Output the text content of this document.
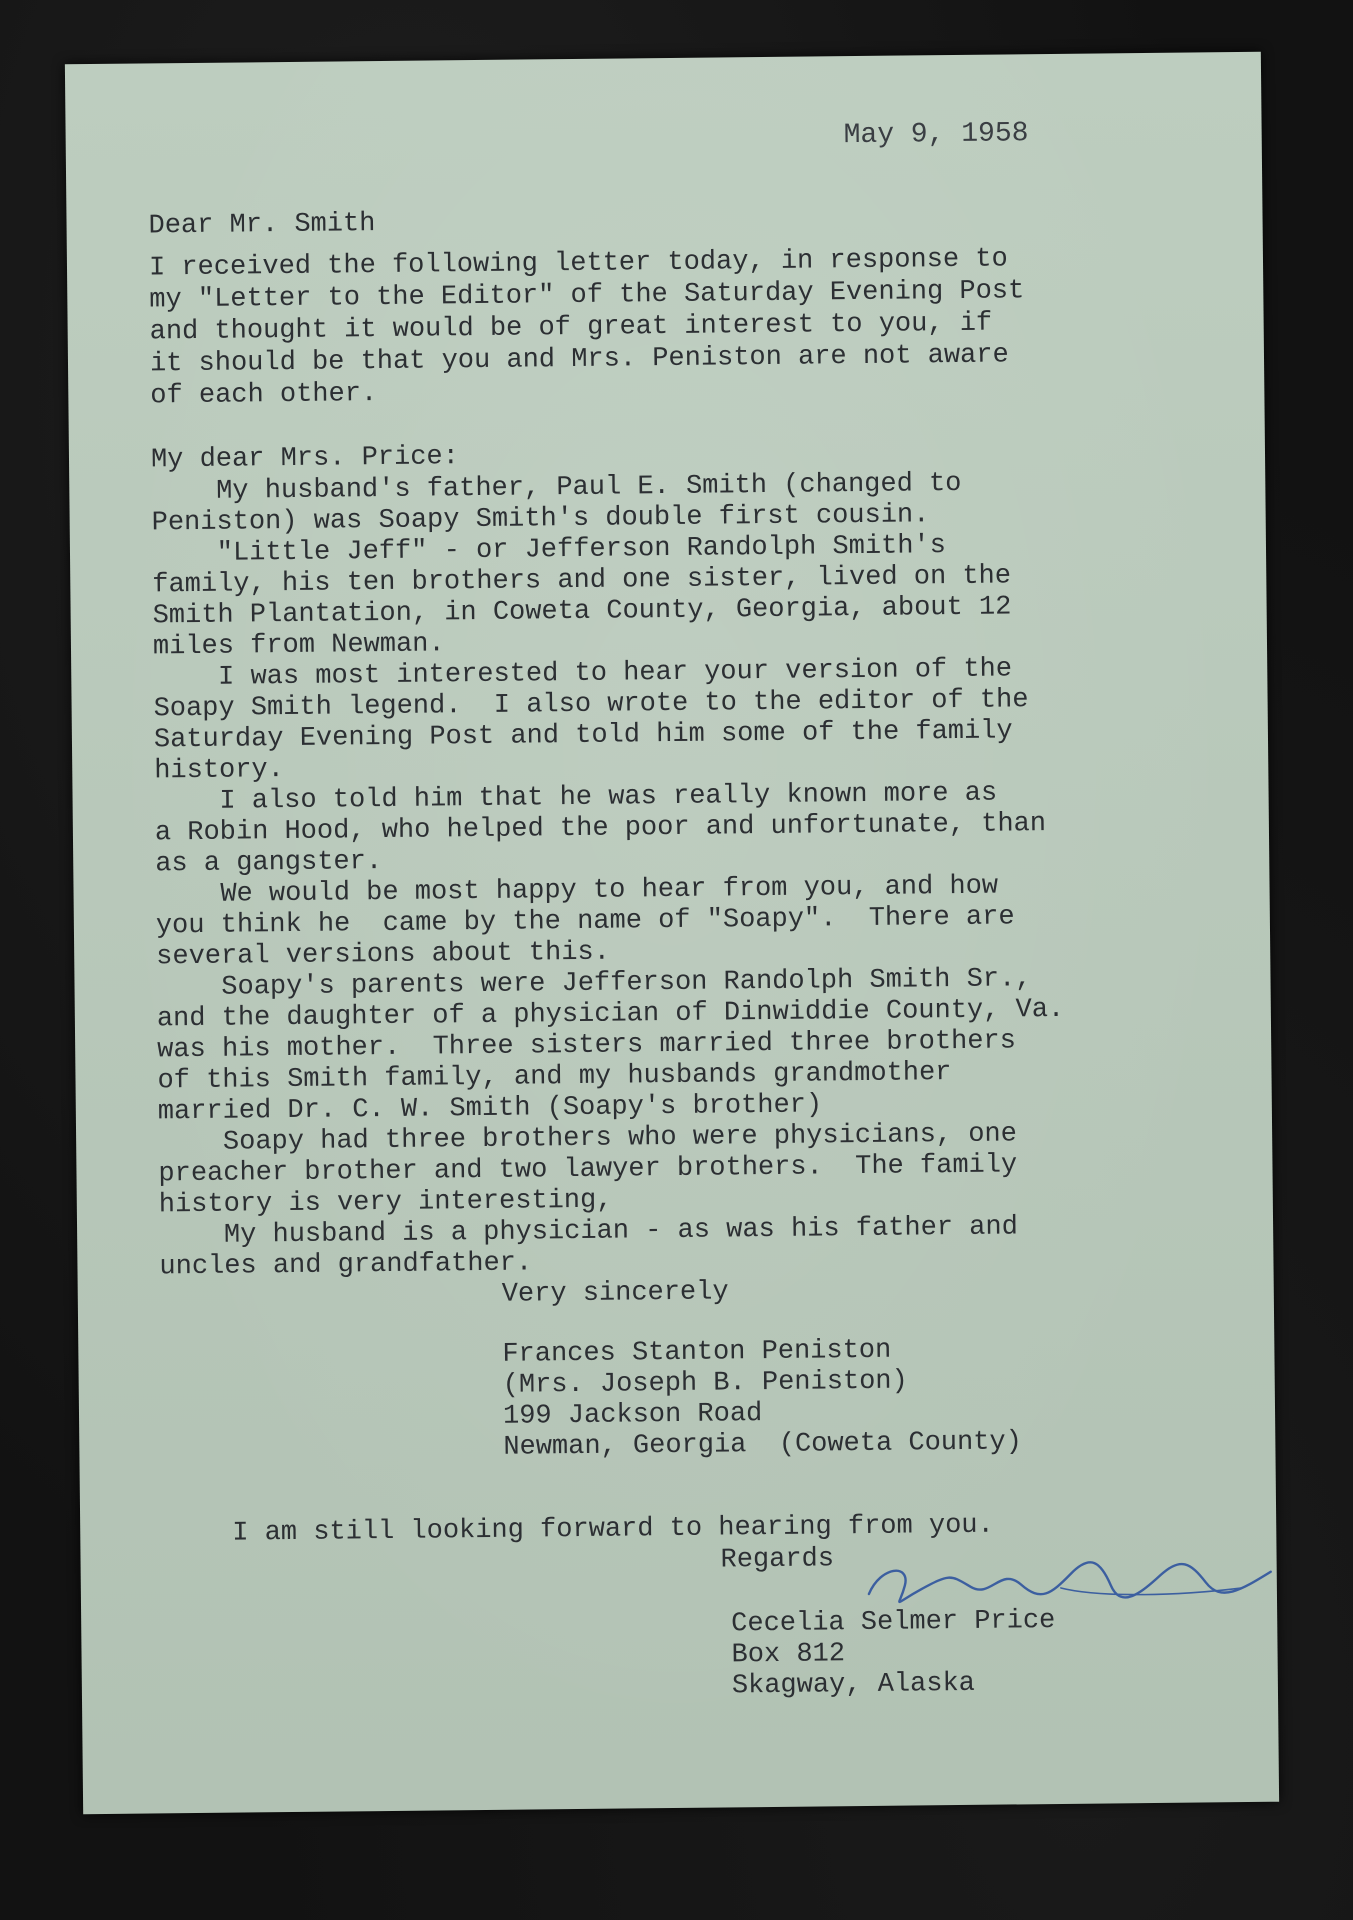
May 9, 1958
Dear Mr. Smith
I received the following letter today, in response to
my "Letter to the Editor" of the Saturday Evening Post
and thought it would be of great interest to you, if
it should be that you and Mrs. Peniston are not aware
of each other.
My dear Mrs. Price:
My husband's father, Paul E. Smith (changed to
Peniston) was Soapy Smith's double first cousin.
"Little Jeff" - or Jefferson Randolph Smith's
family, his ten brothers and one sister, lived on the
Smith Plantation, in Coweta County, Georgia, about 12
miles from Newman.
I was most interested to hear your version of the
Soapy Smith legend.  I also wrote to the editor of the
Saturday Evening Post and told him some of the family
history.
I also told him that he was really known more as
a Robin Hood, who helped the poor and unfortunate, than
as a gangster.
We would be most happy to hear from you, and how
you think he  came by the name of "Soapy".  There are
several versions about this.
Soapy's parents were Jefferson Randolph Smith Sr.,
and the daughter of a physician of Dinwiddie County, Va.
was his mother.  Three sisters married three brothers
of this Smith family, and my husbands grandmother
married Dr. C. W. Smith (Soapy's brother)
Soapy had three brothers who were physicians, one
preacher brother and two lawyer brothers.  The family
history is very interesting,
My husband is a physician - as was his father and
uncles and grandfather.
Very sincerely
Frances Stanton Peniston
(Mrs. Joseph B. Peniston)
199 Jackson Road
Newman, Georgia  (Coweta County)
I am still looking forward to hearing from you.
Regards
Cecelia Selmer Price
Box 812
Skagway, Alaska
